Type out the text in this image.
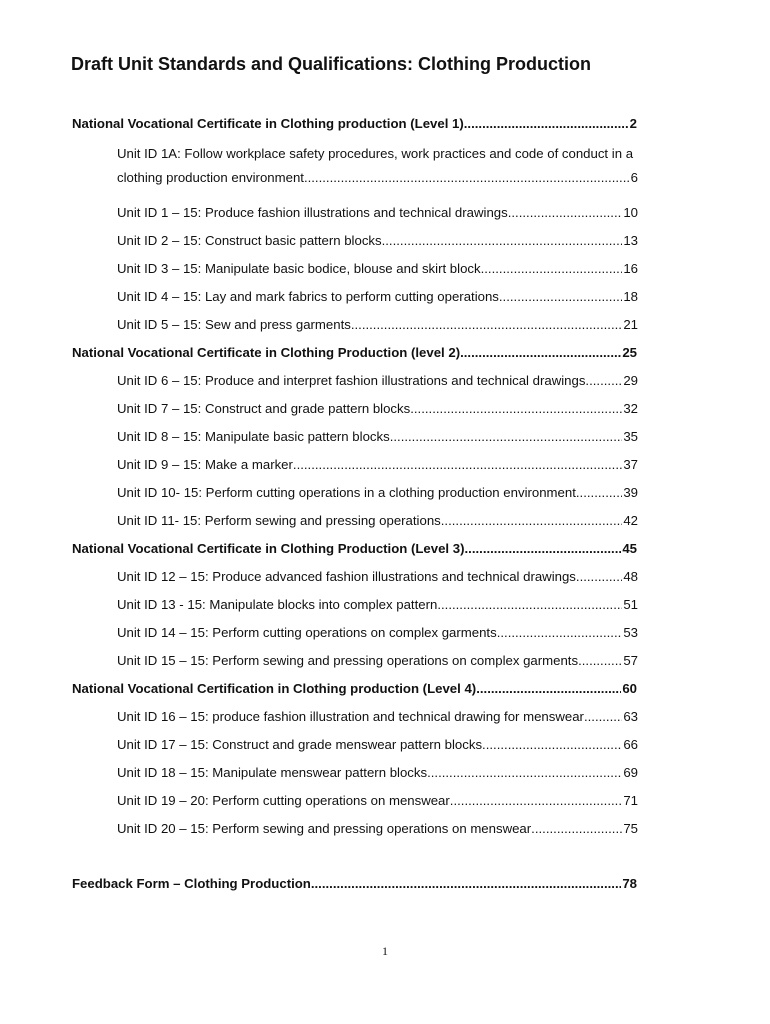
Draft Unit Standards and Qualifications: Clothing Production
National Vocational Certificate in Clothing production (Level 1) .....	2
Unit ID 1A: Follow workplace safety procedures, work practices and code of conduct in a
clothing production environment .....	6
Unit ID 1 – 15: Produce fashion illustrations and technical drawings .....	10
Unit ID 2 – 15: Construct basic pattern blocks .....	13
Unit ID 3 – 15: Manipulate basic bodice, blouse and skirt block .....	16
Unit ID 4 – 15: Lay and mark fabrics to perform cutting operations .....	18
Unit ID 5 – 15: Sew and press garments .....	21
National Vocational Certificate in Clothing Production (level 2) .....	25
Unit ID 6 – 15: Produce and interpret fashion illustrations and technical drawings .....	29
Unit ID 7 – 15: Construct and grade pattern blocks .....	32
Unit ID 8 – 15: Manipulate basic pattern blocks .....	35
Unit ID 9 – 15: Make a marker .....	37
Unit ID 10- 15: Perform cutting operations in a clothing production environment .....	39
Unit ID 11- 15: Perform sewing and pressing operations .....	42
National Vocational Certificate in Clothing Production (Level 3) .....	45
Unit ID 12 – 15: Produce advanced fashion illustrations and technical drawings .....	48
Unit ID 13 - 15: Manipulate blocks into complex pattern .....	51
Unit ID 14 – 15: Perform cutting operations on complex garments .....	53
Unit ID 15 – 15: Perform sewing and pressing operations on complex garments .....	57
National Vocational Certification in Clothing production (Level 4) .....	60
Unit ID 16 – 15: produce fashion illustration and technical drawing for menswear .....	63
Unit ID 17 – 15: Construct and grade menswear pattern blocks .....	66
Unit ID 18 – 15: Manipulate menswear pattern blocks .....	69
Unit ID 19 – 20: Perform cutting operations on menswear .....	71
Unit ID 20 – 15: Perform sewing and pressing operations on menswear .....	75
Feedback Form – Clothing Production .....	78
1
